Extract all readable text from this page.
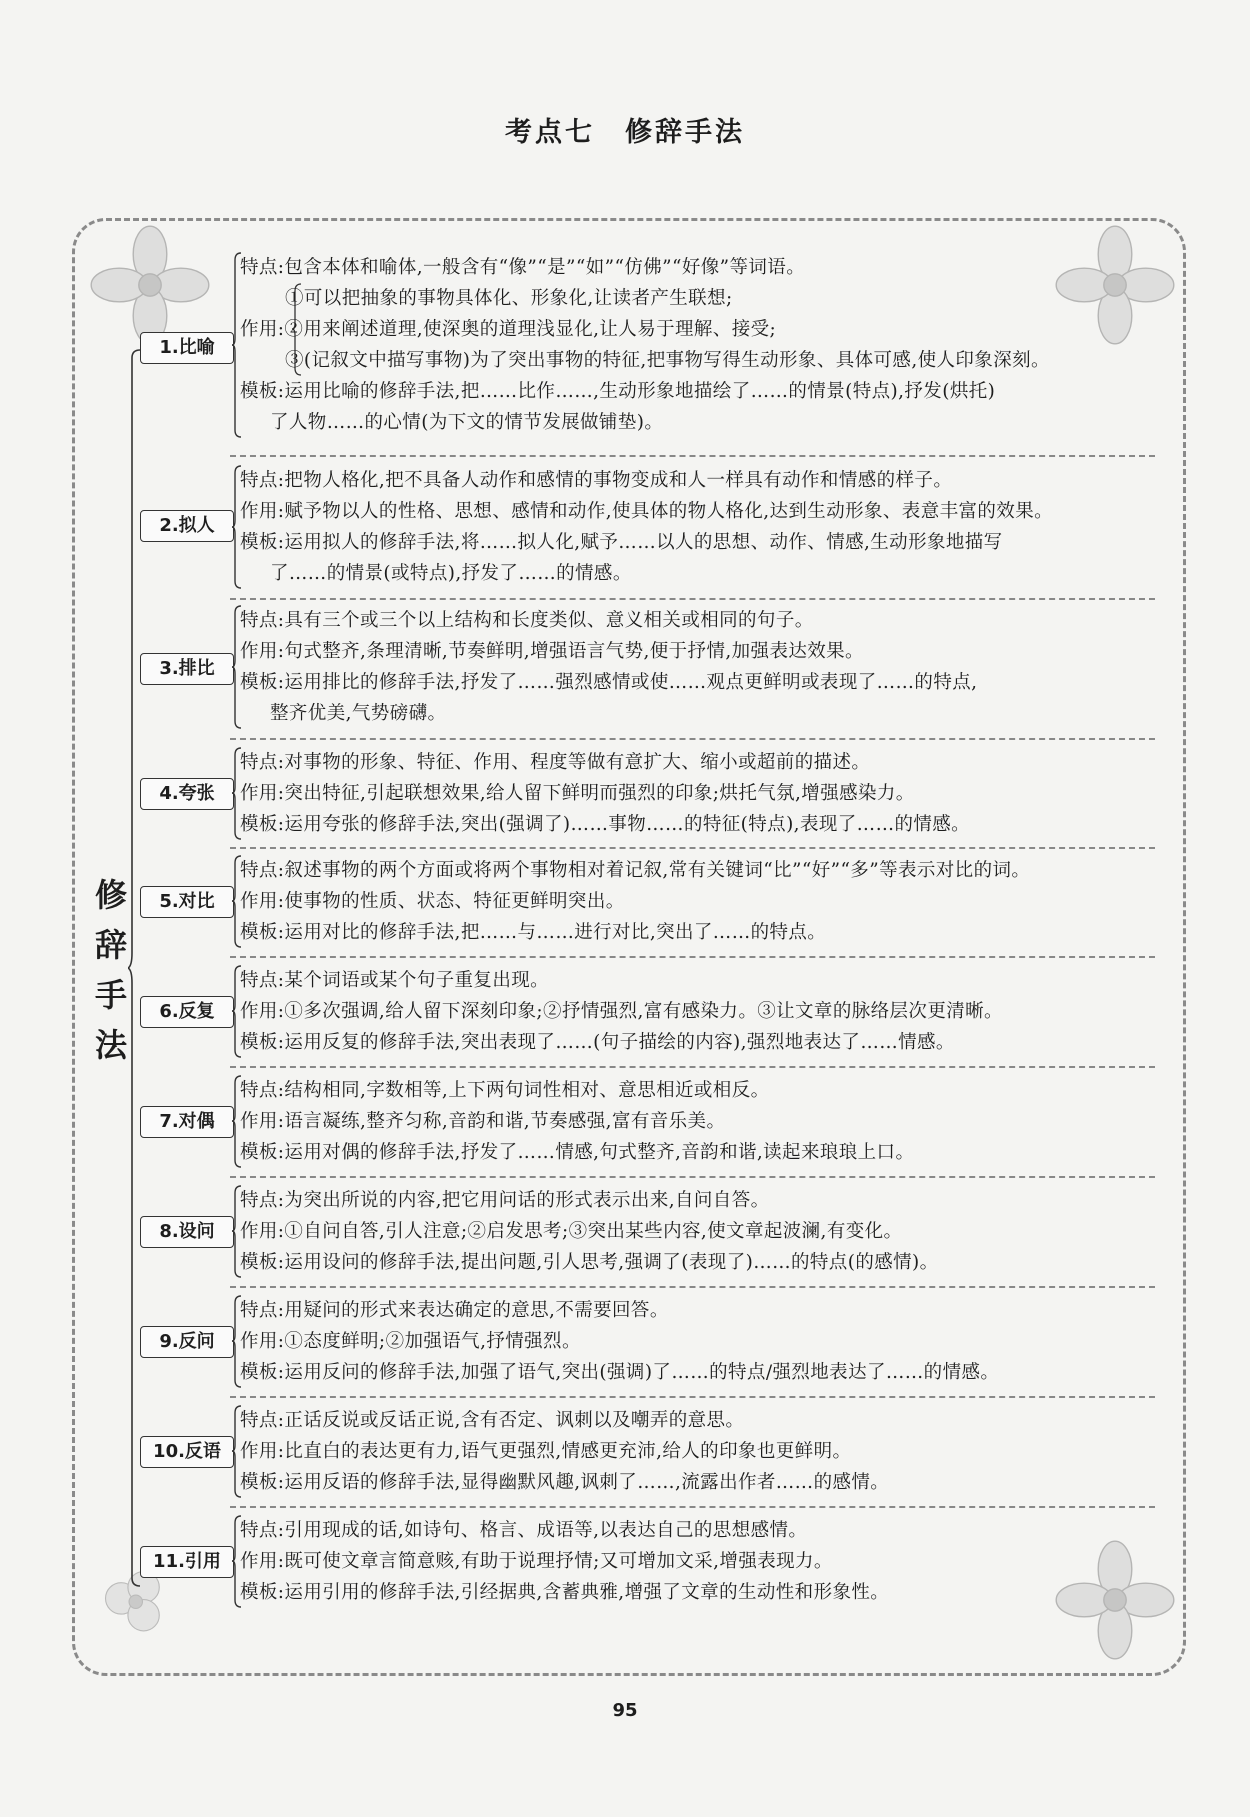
考点七　修辞手法
修
辞
手
法
1.比喻
特点:包含本体和喻体,一般含有“像”“是”“如”“仿佛”“好像”等词语。
①可以把抽象的事物具体化、形象化,让读者产生联想;
作用:②用来阐述道理,使深奥的道理浅显化,让人易于理解、接受;
③(记叙文中描写事物)为了突出事物的特征,把事物写得生动形象、具体可感,使人印象深刻。
模板:运用比喻的修辞手法,把……比作……,生动形象地描绘了……的情景(特点),抒发(烘托)
了人物……的心情(为下文的情节发展做铺垫)。
2.拟人
特点:把物人格化,把不具备人动作和感情的事物变成和人一样具有动作和情感的样子。
作用:赋予物以人的性格、思想、感情和动作,使具体的物人格化,达到生动形象、表意丰富的效果。
模板:运用拟人的修辞手法,将……拟人化,赋予……以人的思想、动作、情感,生动形象地描写
了……的情景(或特点),抒发了……的情感。
3.排比
特点:具有三个或三个以上结构和长度类似、意义相关或相同的句子。
作用:句式整齐,条理清晰,节奏鲜明,增强语言气势,便于抒情,加强表达效果。
模板:运用排比的修辞手法,抒发了……强烈感情或使……观点更鲜明或表现了……的特点,
整齐优美,气势磅礴。
4.夸张
特点:对事物的形象、特征、作用、程度等做有意扩大、缩小或超前的描述。
作用:突出特征,引起联想效果,给人留下鲜明而强烈的印象;烘托气氛,增强感染力。
模板:运用夸张的修辞手法,突出(强调了)……事物……的特征(特点),表现了……的情感。
5.对比
特点:叙述事物的两个方面或将两个事物相对着记叙,常有关键词“比”“好”“多”等表示对比的词。
作用:使事物的性质、状态、特征更鲜明突出。
模板:运用对比的修辞手法,把……与……进行对比,突出了……的特点。
6.反复
特点:某个词语或某个句子重复出现。
作用:①多次强调,给人留下深刻印象;②抒情强烈,富有感染力。③让文章的脉络层次更清晰。
模板:运用反复的修辞手法,突出表现了……(句子描绘的内容),强烈地表达了……情感。
7.对偶
特点:结构相同,字数相等,上下两句词性相对、意思相近或相反。
作用:语言凝练,整齐匀称,音韵和谐,节奏感强,富有音乐美。
模板:运用对偶的修辞手法,抒发了……情感,句式整齐,音韵和谐,读起来琅琅上口。
8.设问
特点:为突出所说的内容,把它用问话的形式表示出来,自问自答。
作用:①自问自答,引人注意;②启发思考;③突出某些内容,使文章起波澜,有变化。
模板:运用设问的修辞手法,提出问题,引人思考,强调了(表现了)……的特点(的感情)。
9.反问
特点:用疑问的形式来表达确定的意思,不需要回答。
作用:①态度鲜明;②加强语气,抒情强烈。
模板:运用反问的修辞手法,加强了语气,突出(强调)了……的特点/强烈地表达了……的情感。
10.反语
特点:正话反说或反话正说,含有否定、讽刺以及嘲弄的意思。
作用:比直白的表达更有力,语气更强烈,情感更充沛,给人的印象也更鲜明。
模板:运用反语的修辞手法,显得幽默风趣,讽刺了……,流露出作者……的感情。
11.引用
特点:引用现成的话,如诗句、格言、成语等,以表达自己的思想感情。
作用:既可使文章言简意赅,有助于说理抒情;又可增加文采,增强表现力。
模板:运用引用的修辞手法,引经据典,含蓄典雅,增强了文章的生动性和形象性。
95
